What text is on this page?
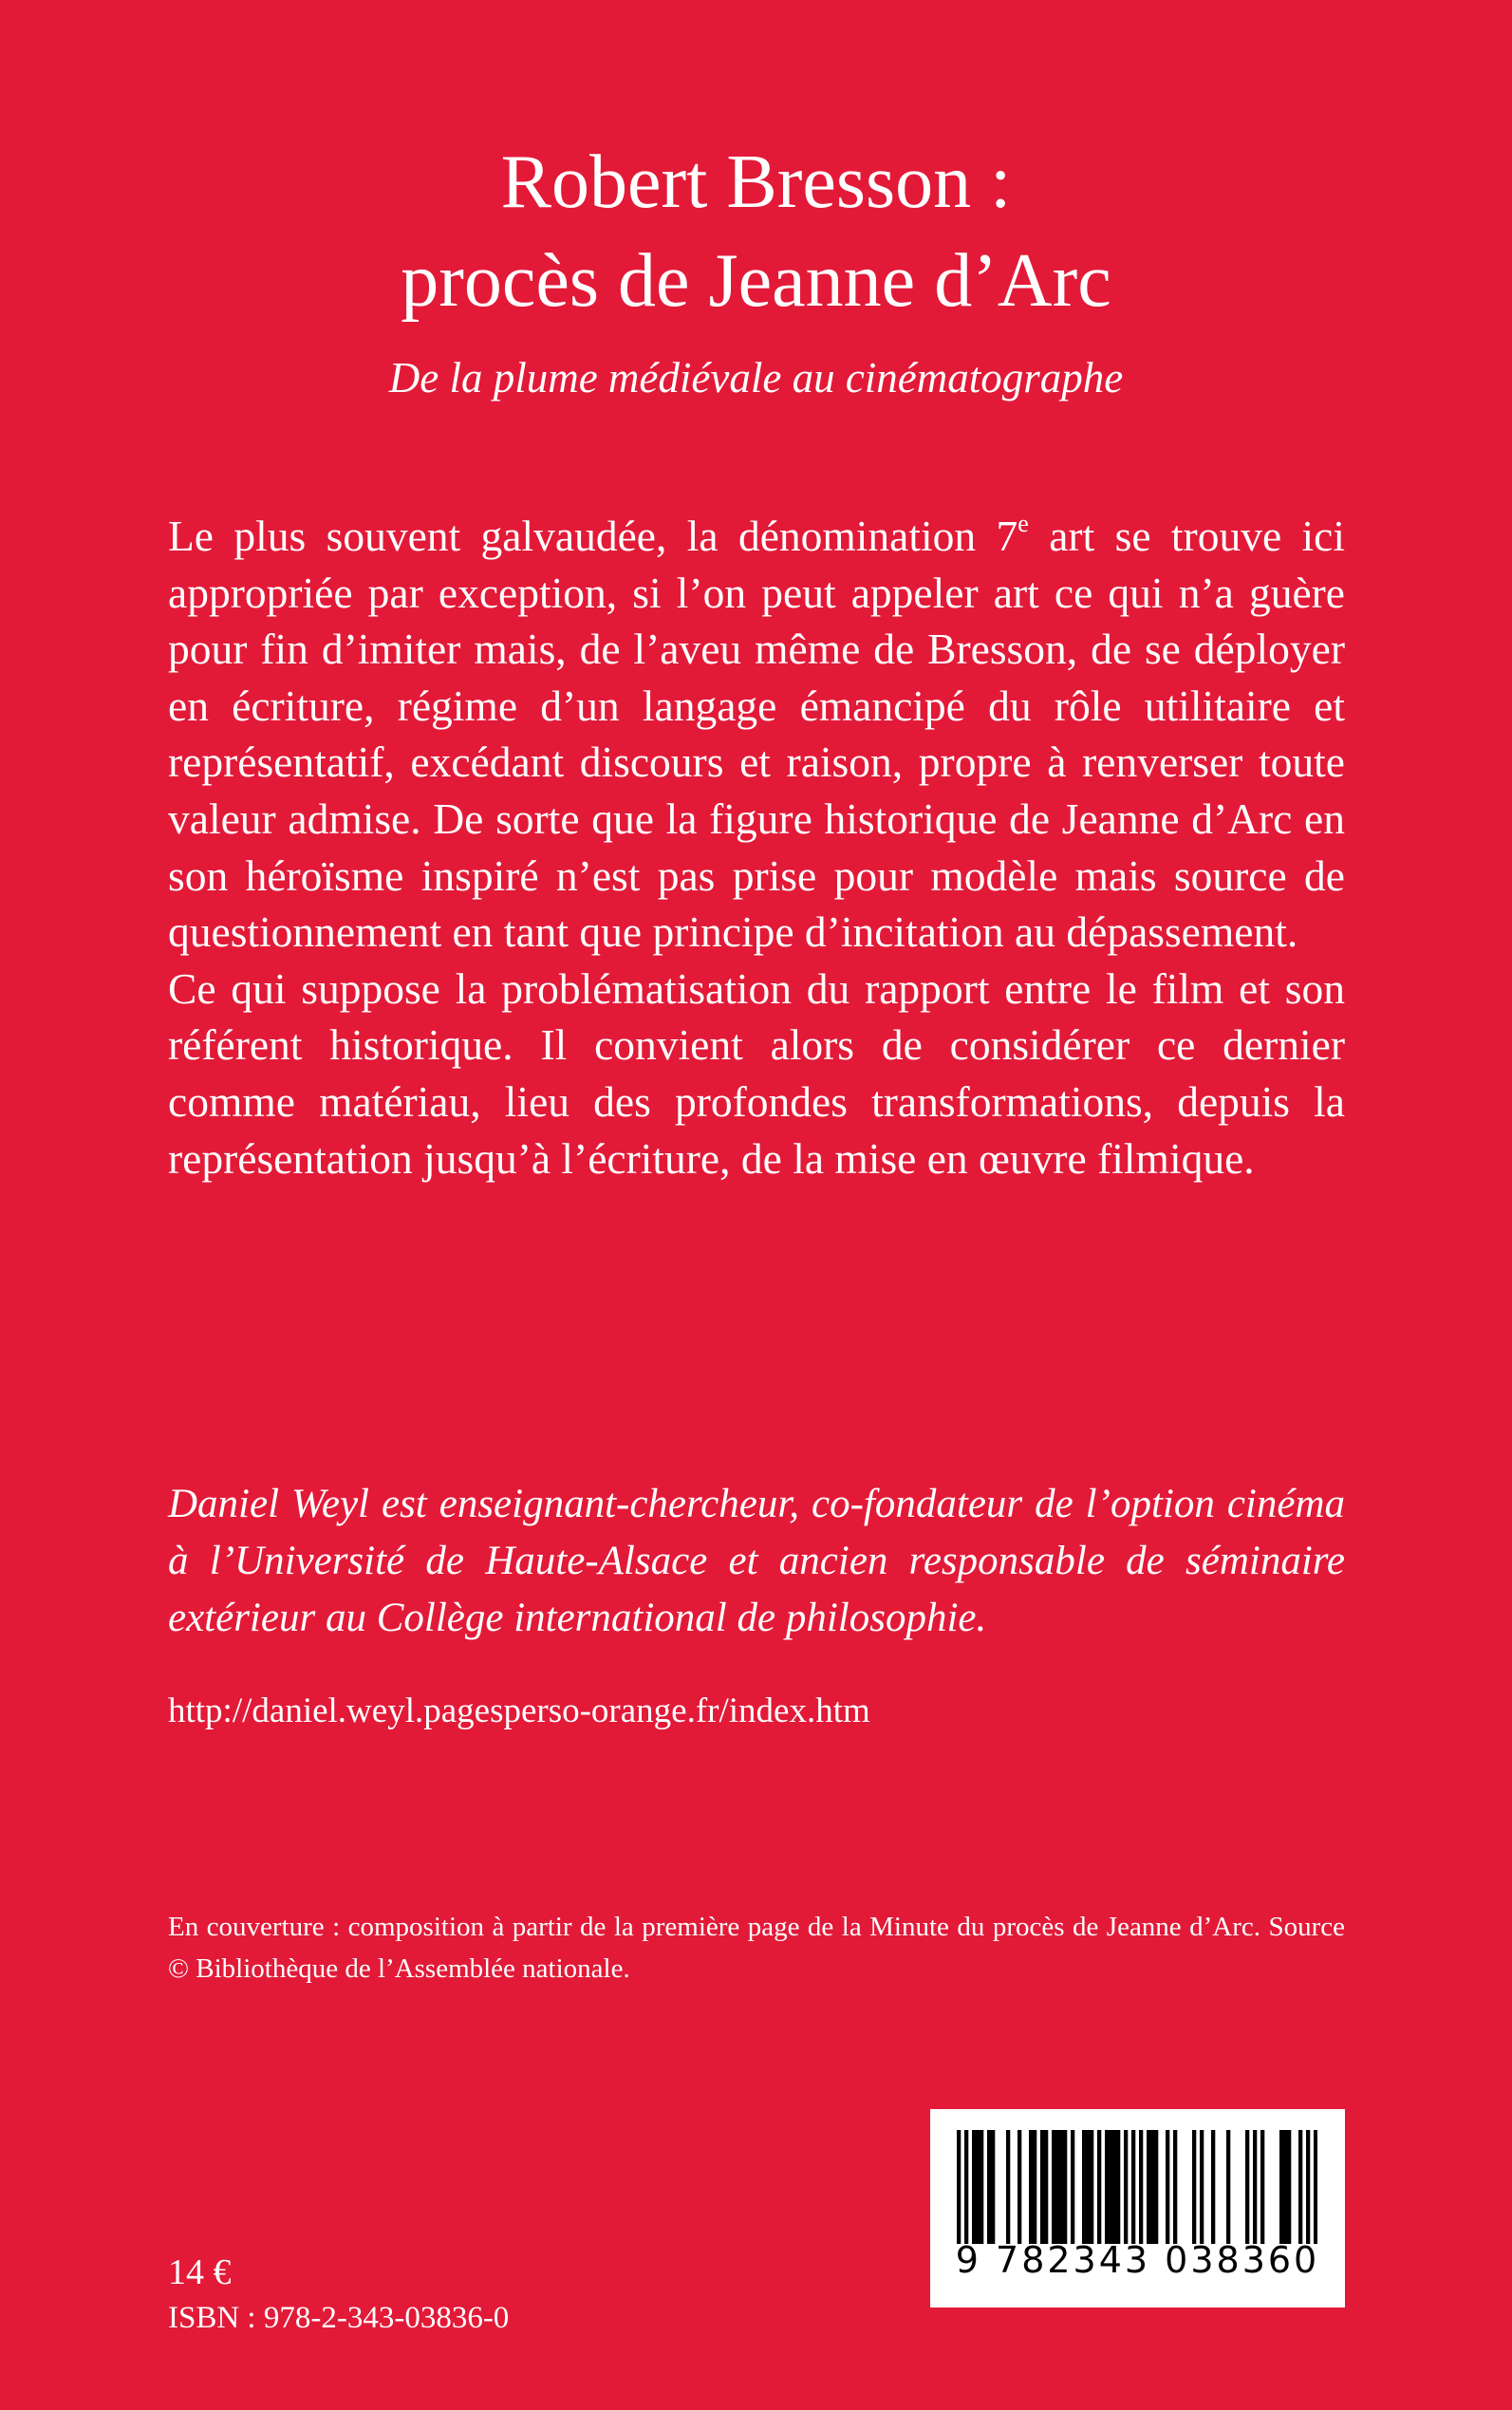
Robert Bresson :
procès de Jeanne d’Arc

De la plume médiévale au cinématographe

Le plus souvent galvaudée, la dénomination 7e art se trouve ici appropriée par exception, si l’on peut appeler art ce qui n’a guère pour fin d’imiter mais, de l’aveu même de Bresson, de se déployer en écriture, régime d’un langage émancipé du rôle utilitaire et représentatif, excédant discours et raison, propre à renverser toute valeur admise. De sorte que la figure historique de Jeanne d’Arc en son héroïsme inspiré n’est pas prise pour modèle mais source de questionnement en tant que principe d’incitation au dépassement.

Ce qui suppose la problématisation du rapport entre le film et son référent historique. Il convient alors de considérer ce dernier comme matériau, lieu des profondes transformations, depuis la représentation jusqu’à l’écriture, de la mise en œuvre filmique.

Daniel Weyl est enseignant-chercheur, co-fondateur de l’option cinéma à l’Université de Haute-Alsace et ancien responsable de séminaire extérieur au Collège international de philosophie.

http://daniel.weyl.pagesperso-orange.fr/index.htm

En couverture : composition à partir de la première page de la Minute du procès de Jeanne d’Arc. Source © Bibliothèque de l’Assemblée nationale.

9 782343 038360

14 €

ISBN : 978-2-343-03836-0
